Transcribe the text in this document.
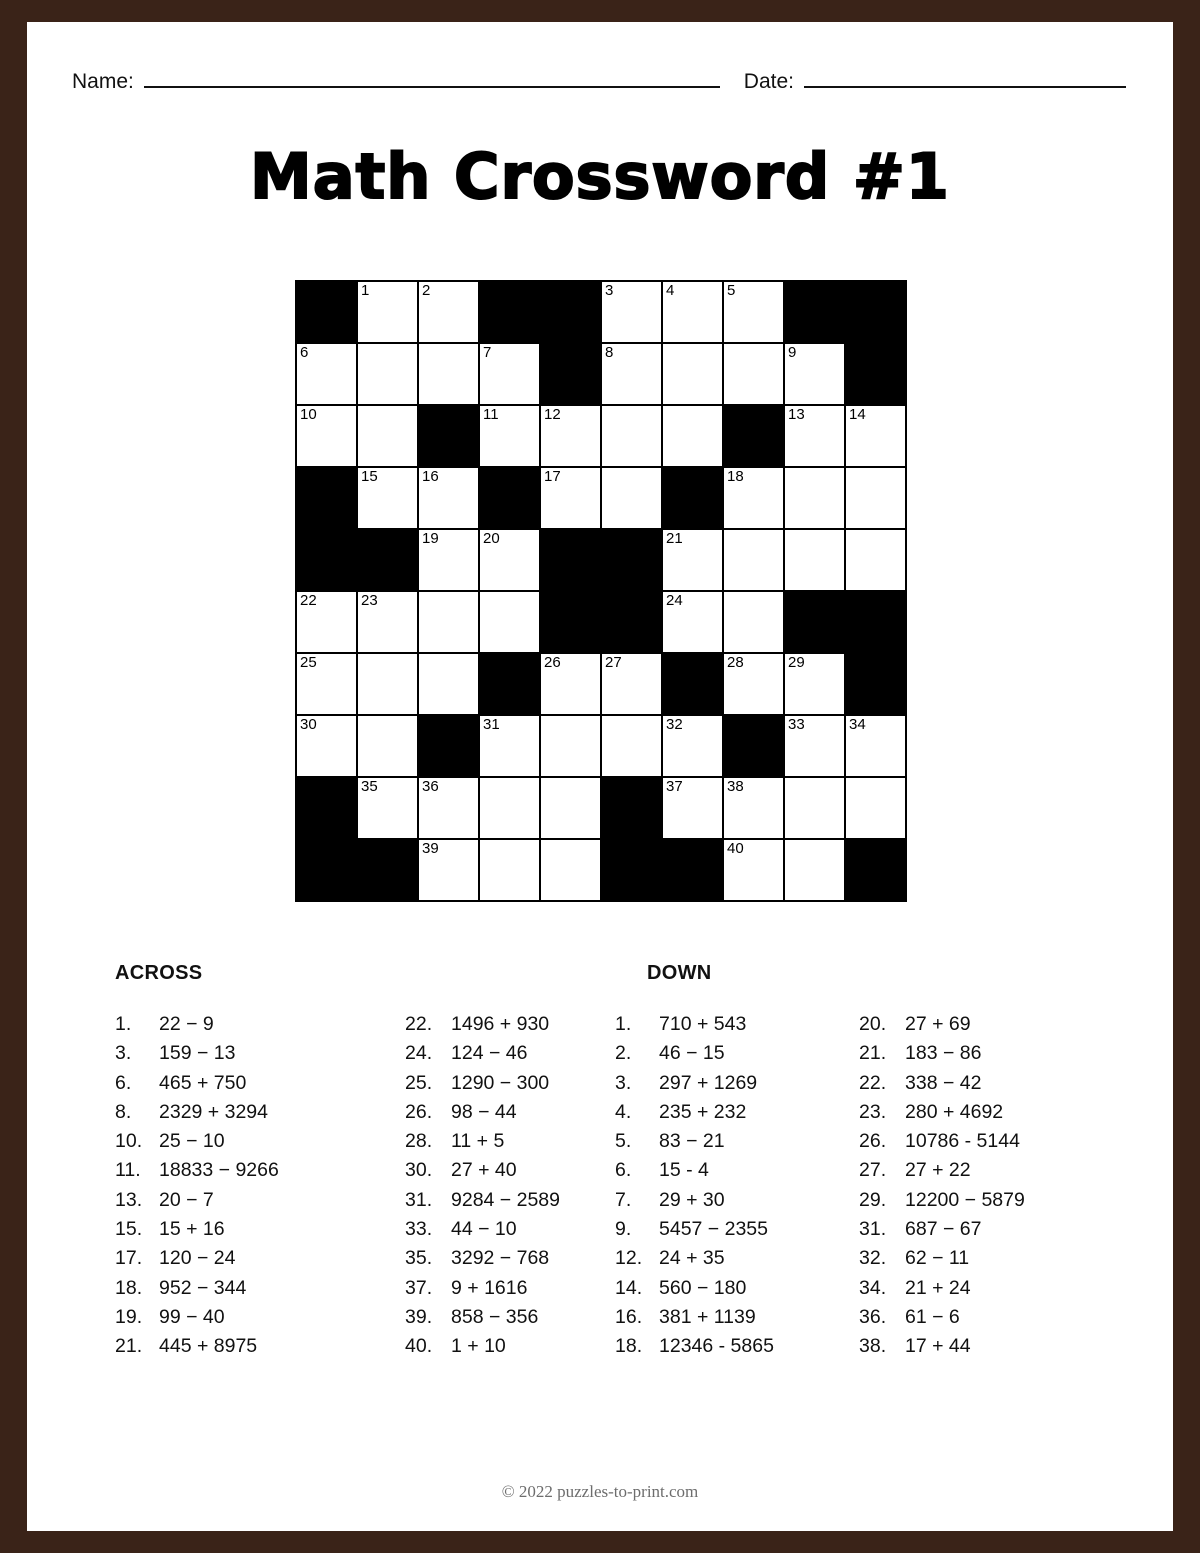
Name:	Date:
Math Crossword #1

	1	2			3	4	5		

6			7		8			9	

10			11	12				13	14

	15	16		17			18		

		19	20			21			

22	23					24			

25				26	27		28	29	

30			31			32		33	34

	35	36				37	38		

		39					40		

ACROSS	DOWN
1.	22 − 9
3.	159 − 13
6.	465 + 750
8.	2329 + 3294
10. 25 − 10
11. 18833 − 9266
13. 20 − 7
15. 15 + 16
17. 120 − 24
18. 952 − 344
19. 99 − 40
21. 445 + 8975
22. 1496 + 930
24. 124 − 46
25. 1290 − 300
26. 98 − 44
28. 11 + 5
30. 27 + 40
31. 9284 − 2589
33. 44 − 10
35. 3292 − 768
37. 9 + 1616
39. 858 − 356
40. 1 + 10
1.	710 + 543
2.	46 − 15
3.	297 + 1269
4.	235 + 232
5.	83 − 21
6.	15 - 4
7.	29 + 30
9.	5457 − 2355
12. 24 + 35
14. 560 − 180
16. 381 + 1139
18. 12346 - 5865
20. 27 + 69
21. 183 − 86
22. 338 − 42
23. 280 + 4692
26. 10786 - 5144
27. 27 + 22
29. 12200 − 5879
31. 687 − 67
32. 62 − 11
34. 21 + 24
36. 61 − 6
38. 17 + 44
© 2022 puzzles-to-print.com
